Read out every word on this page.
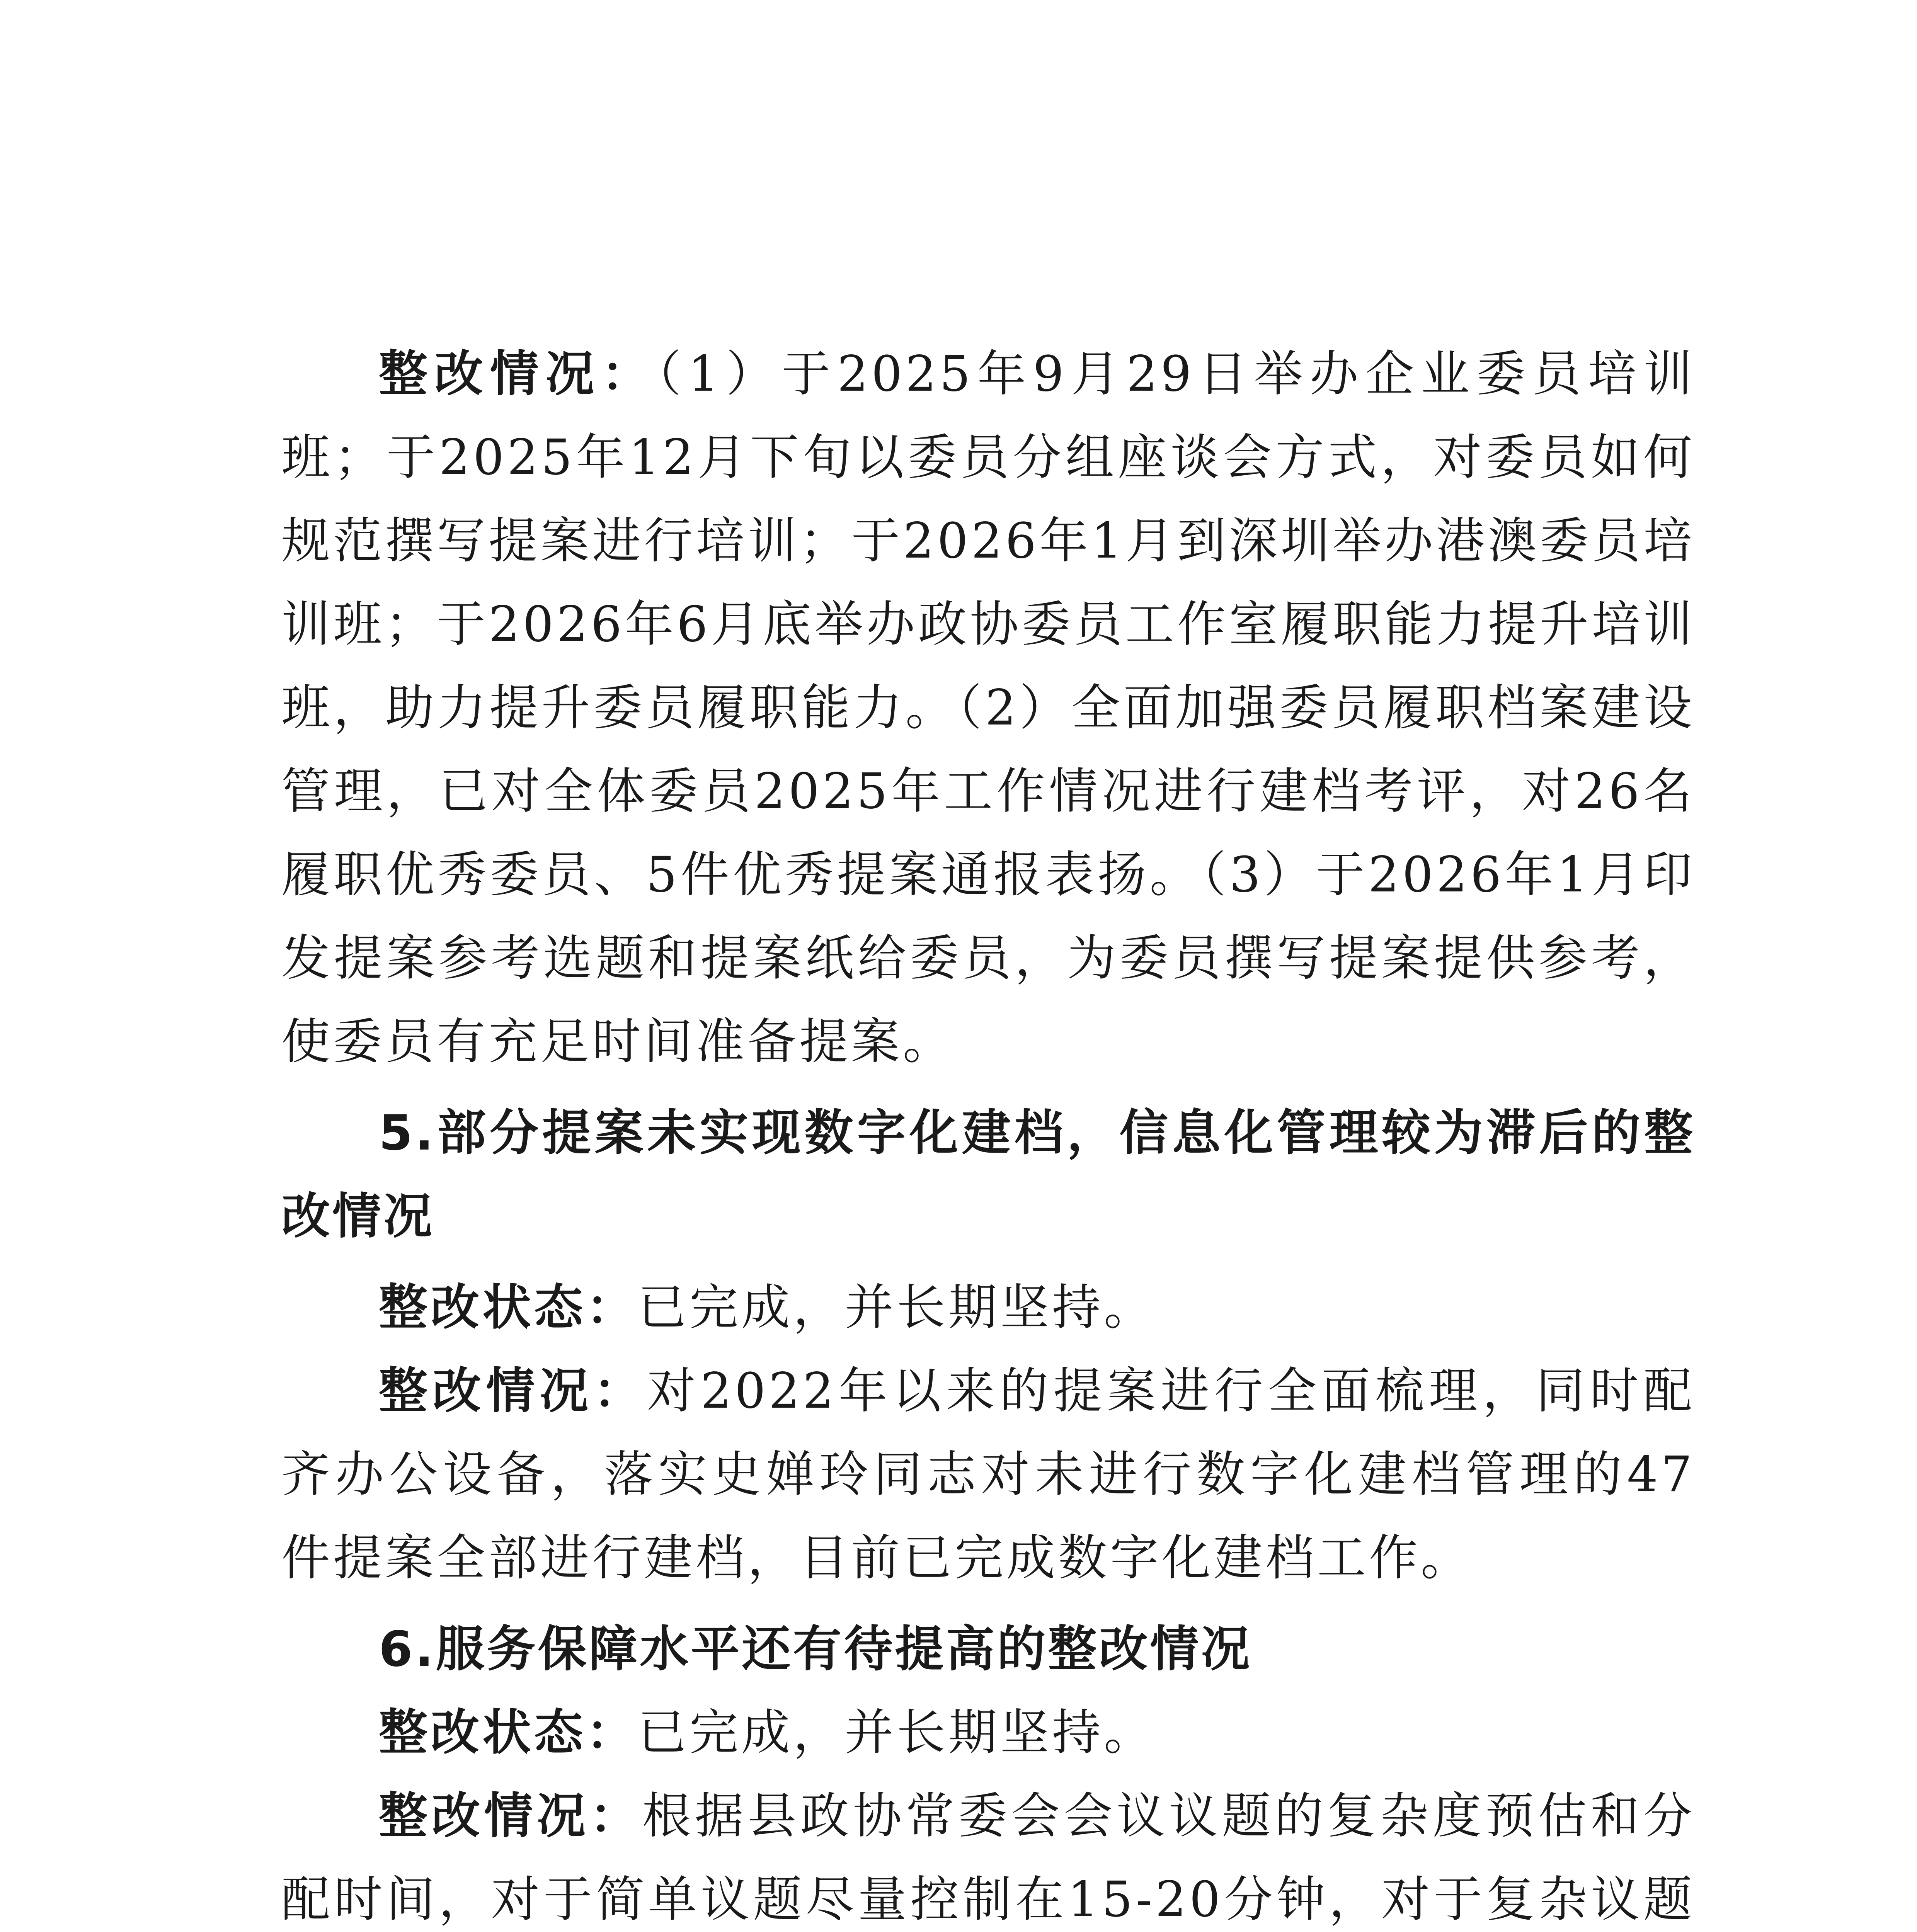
整改情况：（1）于2025年9月29日举办企业委员培训班；于2025年12月下旬以委员分组座谈会方式，对委员如何规范撰写提案进行培训；于2026年1月到深圳举办港澳委员培训班；于2026年6月底举办政协委员工作室履职能力提升培训班，助力提升委员履职能力。（2）全面加强委员履职档案建设管理，已对全体委员2025年工作情况进行建档考评，对26名履职优秀委员、5件优秀提案通报表扬。（3）于2026年1月印发提案参考选题和提案纸给委员，为委员撰写提案提供参考，使委员有充足时间准备提案。

5.部分提案未实现数字化建档，信息化管理较为滞后的整改情况

整改状态：已完成，并长期坚持。

整改情况：对2022年以来的提案进行全面梳理，同时配齐办公设备，落实史婵玲同志对未进行数字化建档管理的47件提案全部进行建档，目前已完成数字化建档工作。

6.服务保障水平还有待提高的整改情况

整改状态：已完成，并长期坚持。

整改情况：根据县政协常委会会议议题的复杂度预估和分配时间，对于简单议题尽量控制在15-20分钟，对于复杂议题
